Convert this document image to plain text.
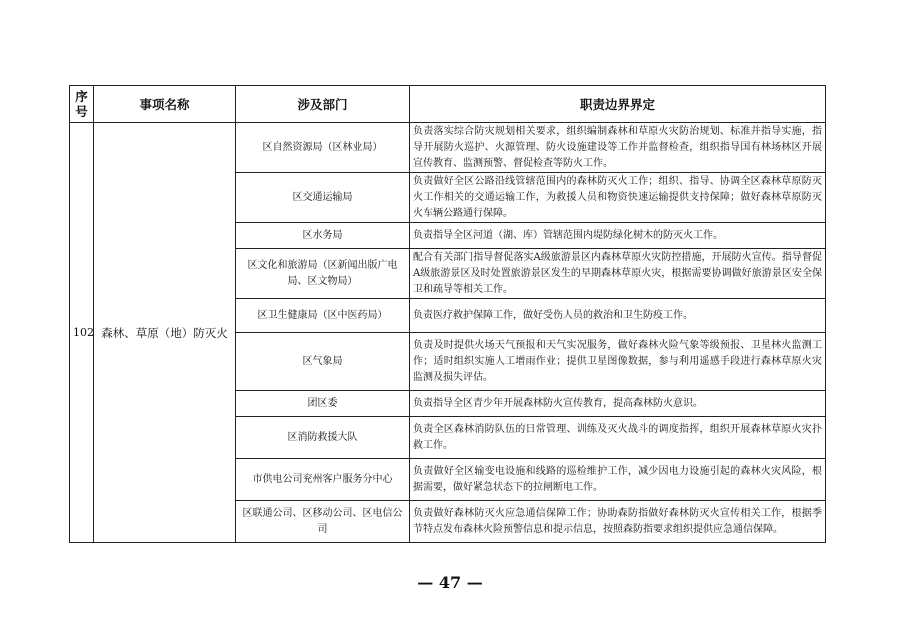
序号	事项名称	涉及部门	职责边界界定
102	森林、草原（地）防灭火	区自然资源局（区林业局）	负责落实综合防灾规划相关要求，组织编制森林和草原火灾防治规划、标准并指导实施，指导开展防火巡护、火源管理、防火设施建设等工作并监督检查，组织指导国有林场林区开展宣传教育、监测预警、督促检查等防火工作。
		区交通运输局	负责做好全区公路沿线管辖范围内的森林防灭火工作；组织、指导、协调全区森林草原防灭火工作相关的交通运输工作，为救援人员和物资快速运输提供支持保障；做好森林草原防灭火车辆公路通行保障。
		区水务局	负责指导全区河道（湖、库）管辖范围内堤防绿化树木的防灭火工作。
		区文化和旅游局（区新闻出版广电局、区文物局）	配合有关部门指导督促落实A级旅游景区内森林草原火灾防控措施，开展防火宣传。指导督促A级旅游景区及时处置旅游景区发生的早期森林草原火灾，根据需要协调做好旅游景区安全保卫和疏导等相关工作。
		区卫生健康局（区中医药局）	负责医疗救护保障工作，做好受伤人员的救治和卫生防疫工作。
		区气象局	负责及时提供火场天气预报和天气实况服务，做好森林火险气象等级预报、卫星林火监测工作；适时组织实施人工增雨作业；提供卫星图像数据，参与利用遥感手段进行森林草原火灾监测及损失评估。
		团区委	负责指导全区青少年开展森林防火宣传教育，提高森林防火意识。
		区消防救援大队	负责全区森林消防队伍的日常管理、训练及灭火战斗的调度指挥，组织开展森林草原火灾扑救工作。
		市供电公司兖州客户服务分中心	负责做好全区输变电设施和线路的巡检维护工作，减少因电力设施引起的森林火灾风险，根据需要，做好紧急状态下的拉闸断电工作。
		区联通公司、区移动公司、区电信公司	负责做好森林防灭火应急通信保障工作；协助森防指做好森林防灭火宣传相关工作，根据季节特点发布森林火险预警信息和提示信息，按照森防指要求组织提供应急通信保障。
— 47 —
